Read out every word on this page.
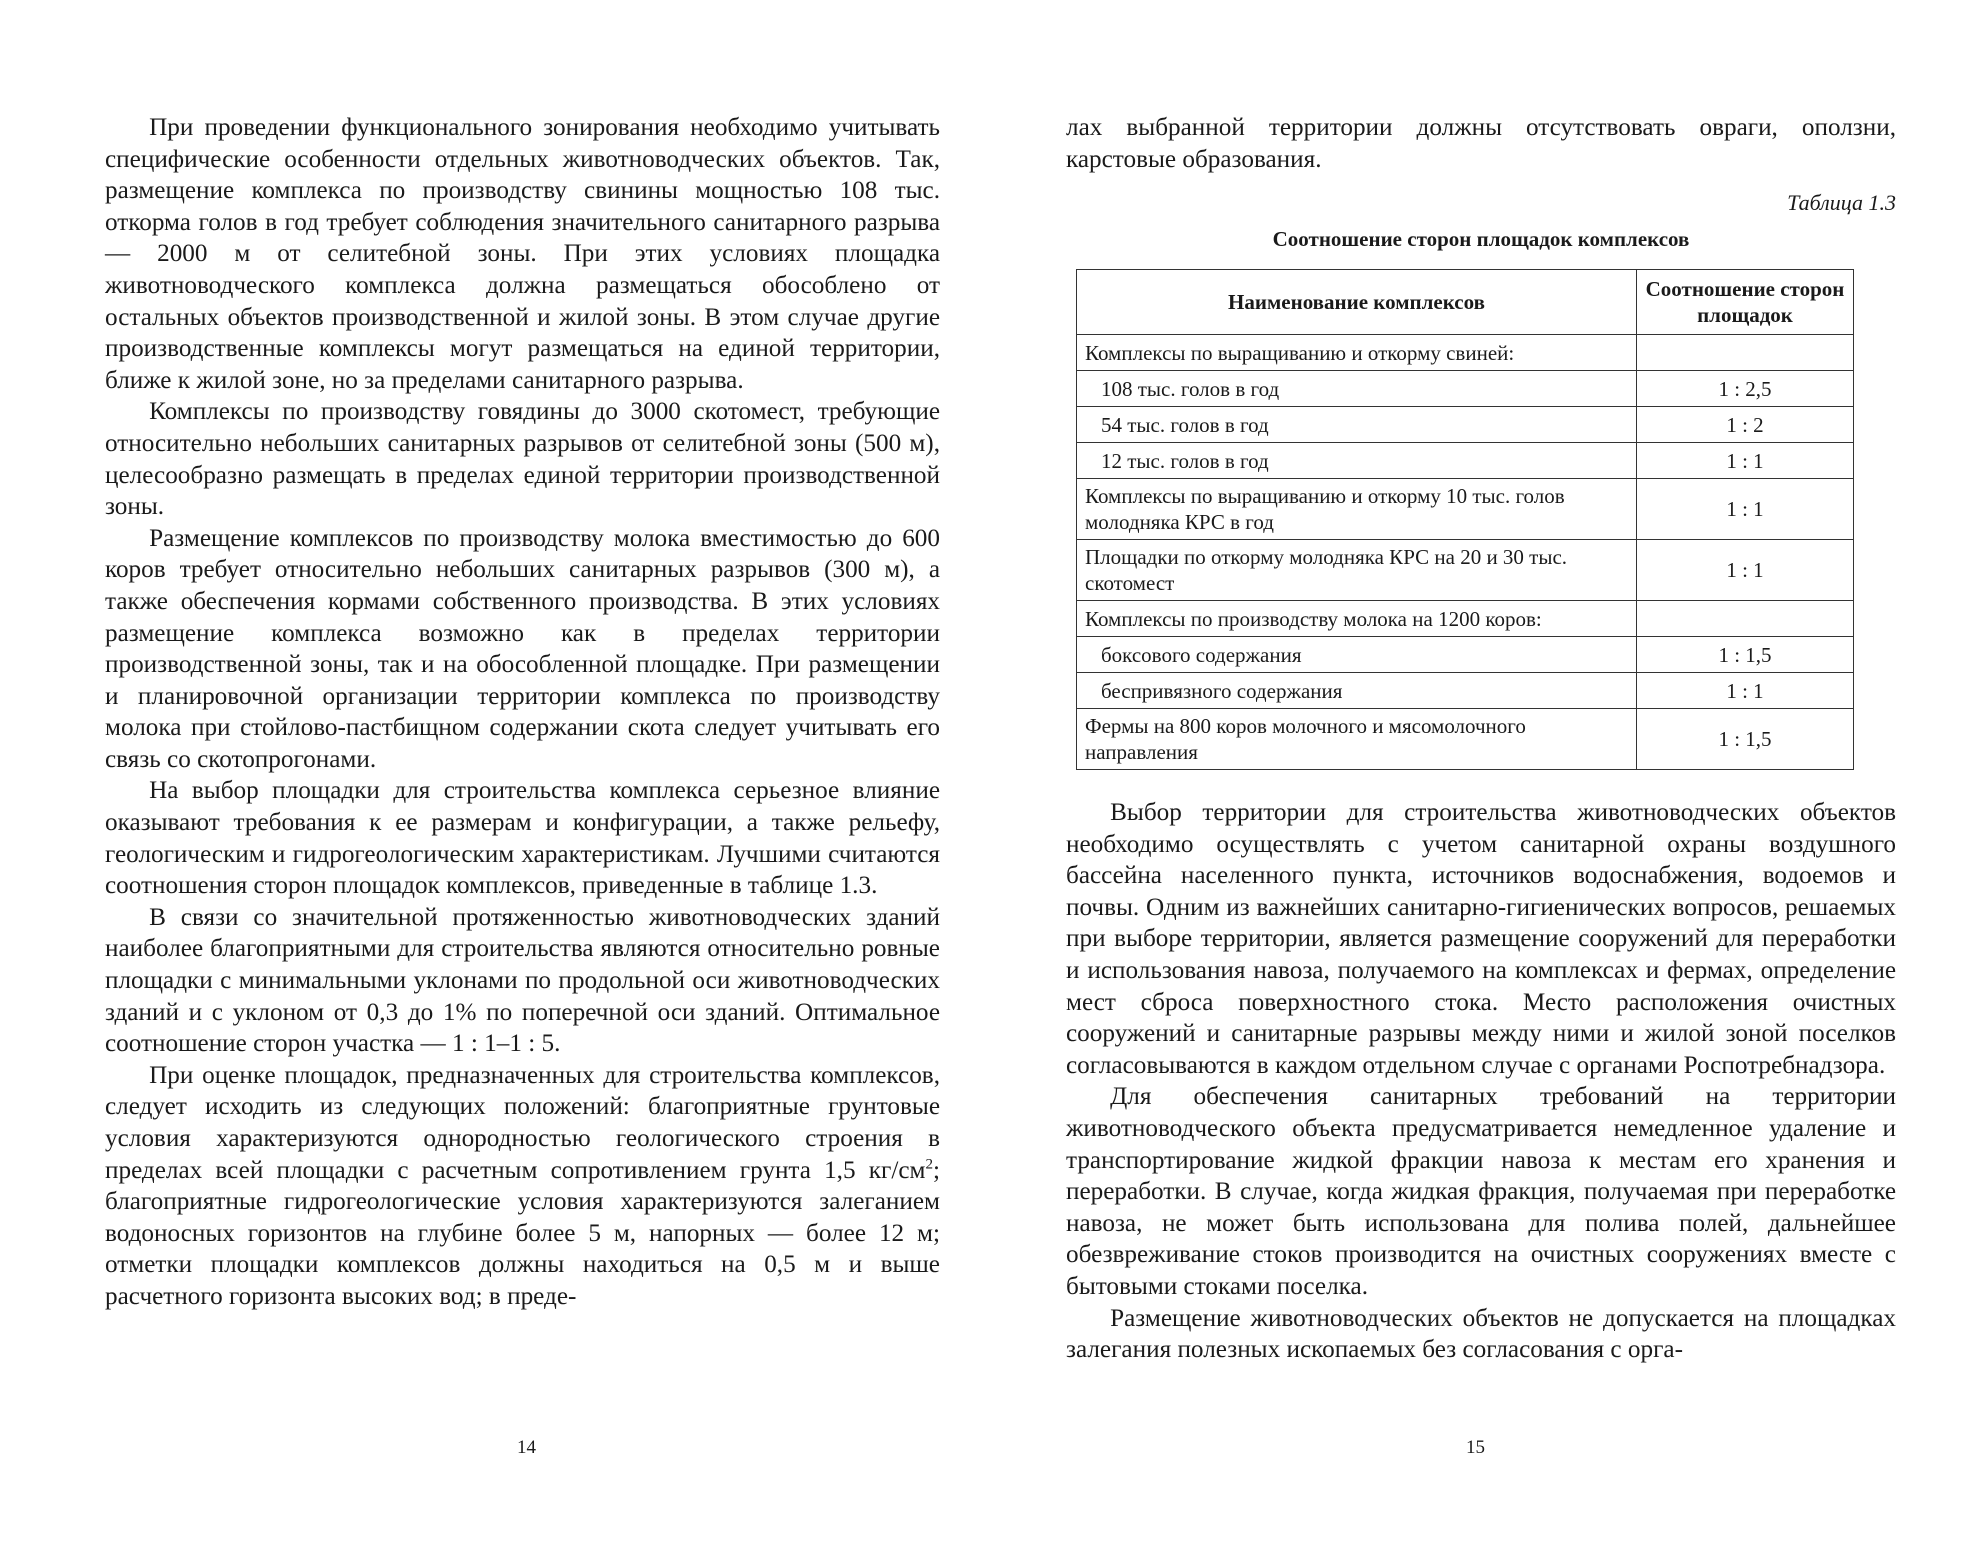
При проведении функционального зонирования необходимо учитывать специфические особенности отдельных животноводческих объектов. Так, размещение комплекса по производству свинины мощностью 108 тыс. откорма голов в год требует соблюдения значительного санитарного разрыва — 2000 м от селитебной зоны. При этих условиях площадка животноводческого комплекса должна размещаться обособлено от остальных объектов производственной и жилой зоны. В этом случае другие производственные комплексы могут размещаться на единой территории, ближе к жилой зоне, но за пределами санитарного разрыва.

Комплексы по производству говядины до 3000 скотомест, требующие относительно небольших санитарных разрывов от селитебной зоны (500 м), целесообразно размещать в пределах единой территории производственной зоны.

Размещение комплексов по производству молока вместимостью до 600 коров требует относительно небольших санитарных разрывов (300 м), а также обеспечения кормами собственного производства. В этих условиях размещение комплекса возможно как в пределах территории производственной зоны, так и на обособленной площадке. При размещении и планировочной организации территории комплекса по производству молока при стойлово-пастбищном содержании скота следует учитывать его связь со скотопрогонами.

На выбор площадки для строительства комплекса серьезное влияние оказывают требования к ее размерам и конфигурации, а также рельефу, геологическим и гидрогеологическим характеристикам. Лучшими считаются соотношения сторон площадок комплексов, приведенные в таблице 1.3.

В связи со значительной протяженностью животноводческих зданий наиболее благоприятными для строительства являются относительно ровные площадки с минимальными уклонами по продольной оси животноводческих зданий и с уклоном от 0,3 до 1% по поперечной оси зданий. Оптимальное соотношение сторон участка — 1 : 1–1 : 5.

При оценке площадок, предназначенных для строительства комплексов, следует исходить из следующих положений: благоприятные грунтовые условия характеризуются однородностью геологического строения в пределах всей площадки с расчетным сопротивлением грунта 1,5 $кг/см^2$; благоприятные гидрогеологические условия характеризуются залеганием водоносных горизонтов на глубине более 5 м, напорных — более 12 м; отметки площадки комплексов должны находиться на 0,5 м и выше расчетного горизонта высоких вод; в преде-

14

лах выбранной территории должны отсутствовать овраги, оползни, карстовые образования.

Таблица 1.3
Соотношение сторон площадок комплексов
Наименование комплексов	Соотношение сторон площадок
Комплексы по выращиванию и откорму свиней:	
108 тыс. голов в год	1 : 2,5
54 тыс. голов в год	1 : 2
12 тыс. голов в год	1 : 1
Комплексы по выращиванию и откорму 10 тыс. голов молодняка КРС в год	1 : 1
Площадки по откорму молодняка КРС на 20 и 30 тыс. скотомест	1 : 1
Комплексы по производству молока на 1200 коров:	
боксового содержания	1 : 1,5
беспривязного содержания	1 : 1
Фермы на 800 коров молочного и мясомолочного направления	1 : 1,5

Выбор территории для строительства животноводческих объектов необходимо осуществлять с учетом санитарной охраны воздушного бассейна населенного пункта, источников водоснабжения, водоемов и почвы. Одним из важнейших санитарно-гигиенических вопросов, решаемых при выборе территории, является размещение сооружений для переработки и использования навоза, получаемого на комплексах и фермах, определение мест сброса поверхностного стока. Место расположения очистных сооружений и санитарные разрывы между ними и жилой зоной поселков согласовываются в каждом отдельном случае с органами Роспотребнадзора.

Для обеспечения санитарных требований на территории животноводческого объекта предусматривается немедленное удаление и транспортирование жидкой фракции навоза к местам его хранения и переработки. В случае, когда жидкая фракция, получаемая при переработке навоза, не может быть использована для полива полей, дальнейшее обезвреживание стоков производится на очистных сооружениях вместе с бытовыми стоками поселка.

Размещение животноводческих объектов не допускается на площадках залегания полезных ископаемых без согласования с орга-

15
